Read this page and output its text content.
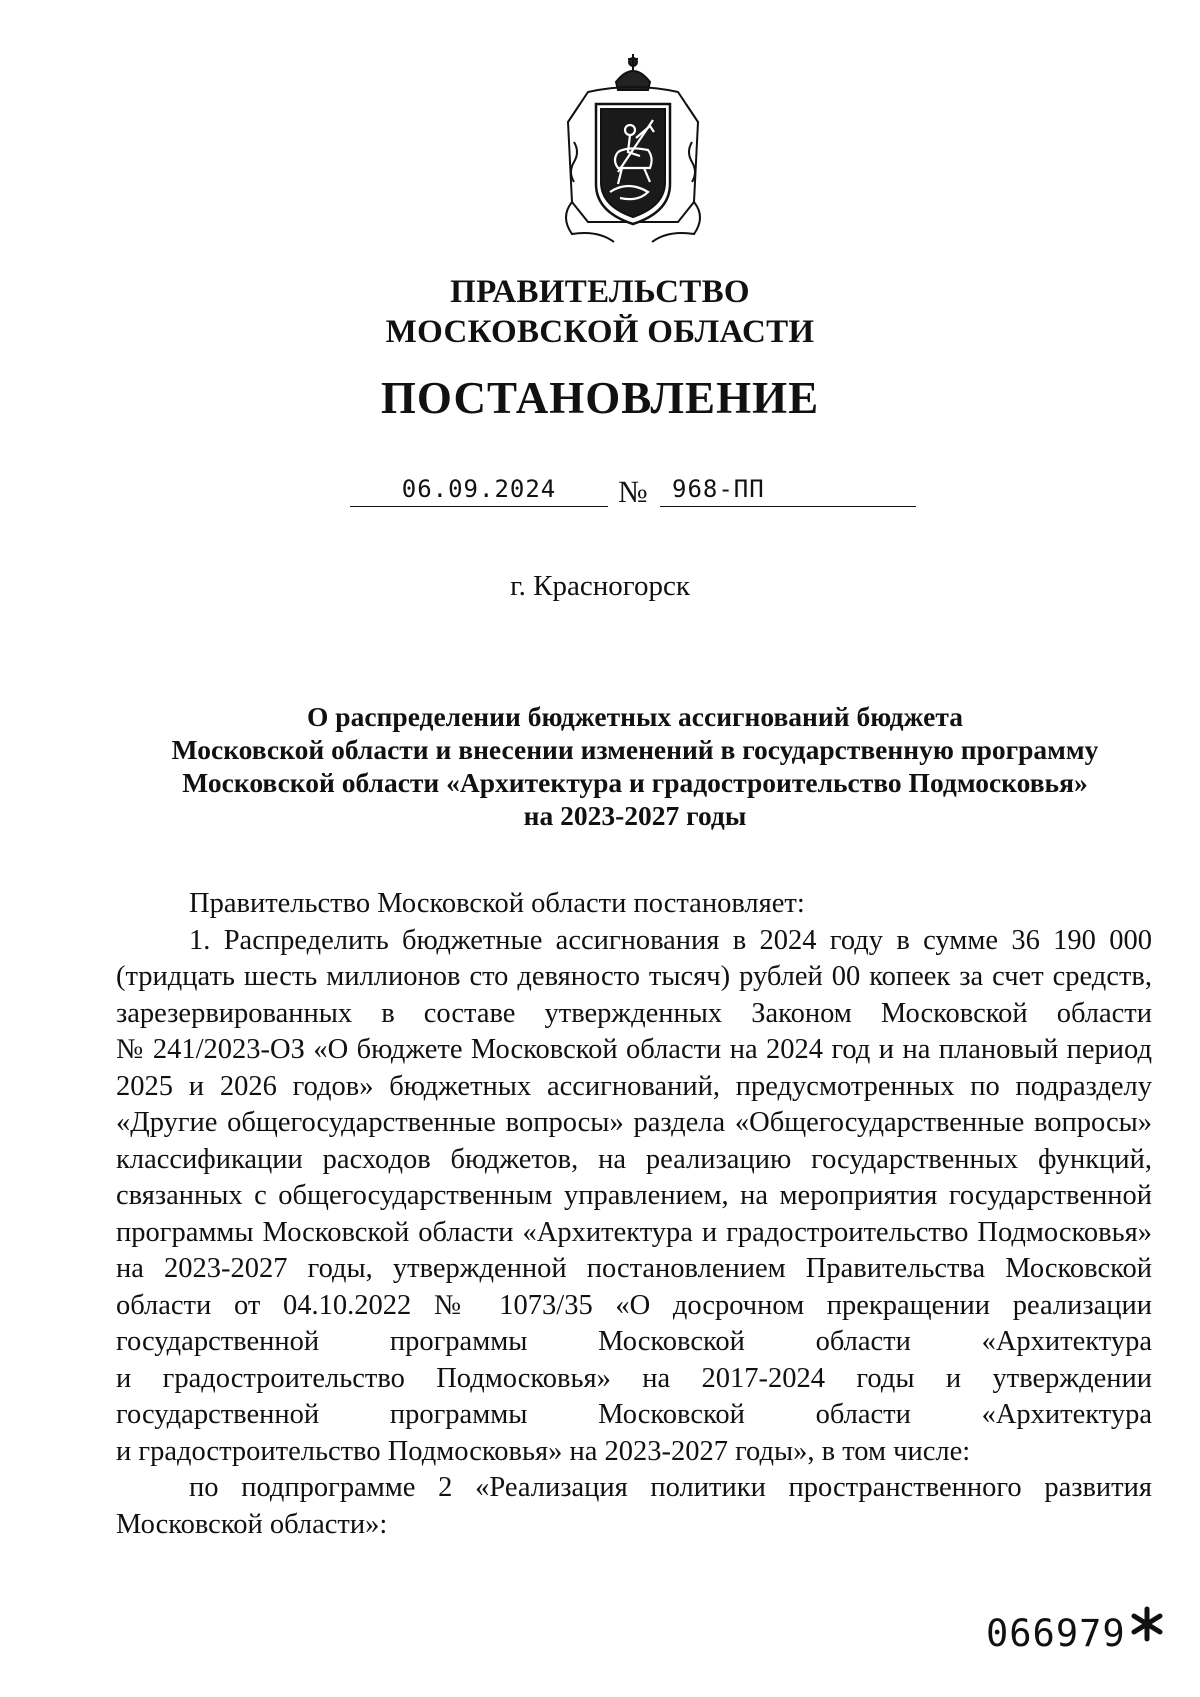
ПРАВИТЕЛЬСТВО
МОСКОВСКОЙ ОБЛАСТИ
ПОСТАНОВЛЕНИЕ
06.09.2024	№ 968-ПП
г. Красногорск
О распределении бюджетных ассигнований бюджета
Московской области и внесении изменений в государственную программу
Московской области «Архитектура и градостроительство Подмосковья»
на 2023-2027 годы
Правительство Московской области постановляет:
1. Распределить бюджетные ассигнования в 2024 году в сумме 36 190 000
(тридцать шесть миллионов сто девяносто тысяч) рублей 00 копеек за счет средств,
зарезервированных в составе утвержденных Законом Московской области
№ 241/2023-ОЗ «О бюджете Московской области на 2024 год и на плановый период
2025 и 2026 годов» бюджетных ассигнований, предусмотренных по подразделу
«Другие общегосударственные вопросы» раздела «Общегосударственные вопросы»
классификации расходов бюджетов, на реализацию государственных функций,
связанных с общегосударственным управлением, на мероприятия государственной
программы Московской области «Архитектура и градостроительство Подмосковья»
на 2023-2027 годы, утвержденной постановлением Правительства Московской
области от 04.10.2022 № 1073/35 «О досрочном прекращении реализации
государственной программы Московской области «Архитектура
и градостроительство Подмосковья» на 2017-2024 годы и утверждении
государственной программы Московской области «Архитектура
и градостроительство Подмосковья» на 2023-2027 годы», в том числе:
по подпрограмме 2 «Реализация политики пространственного развития
Московской области»:
066979
